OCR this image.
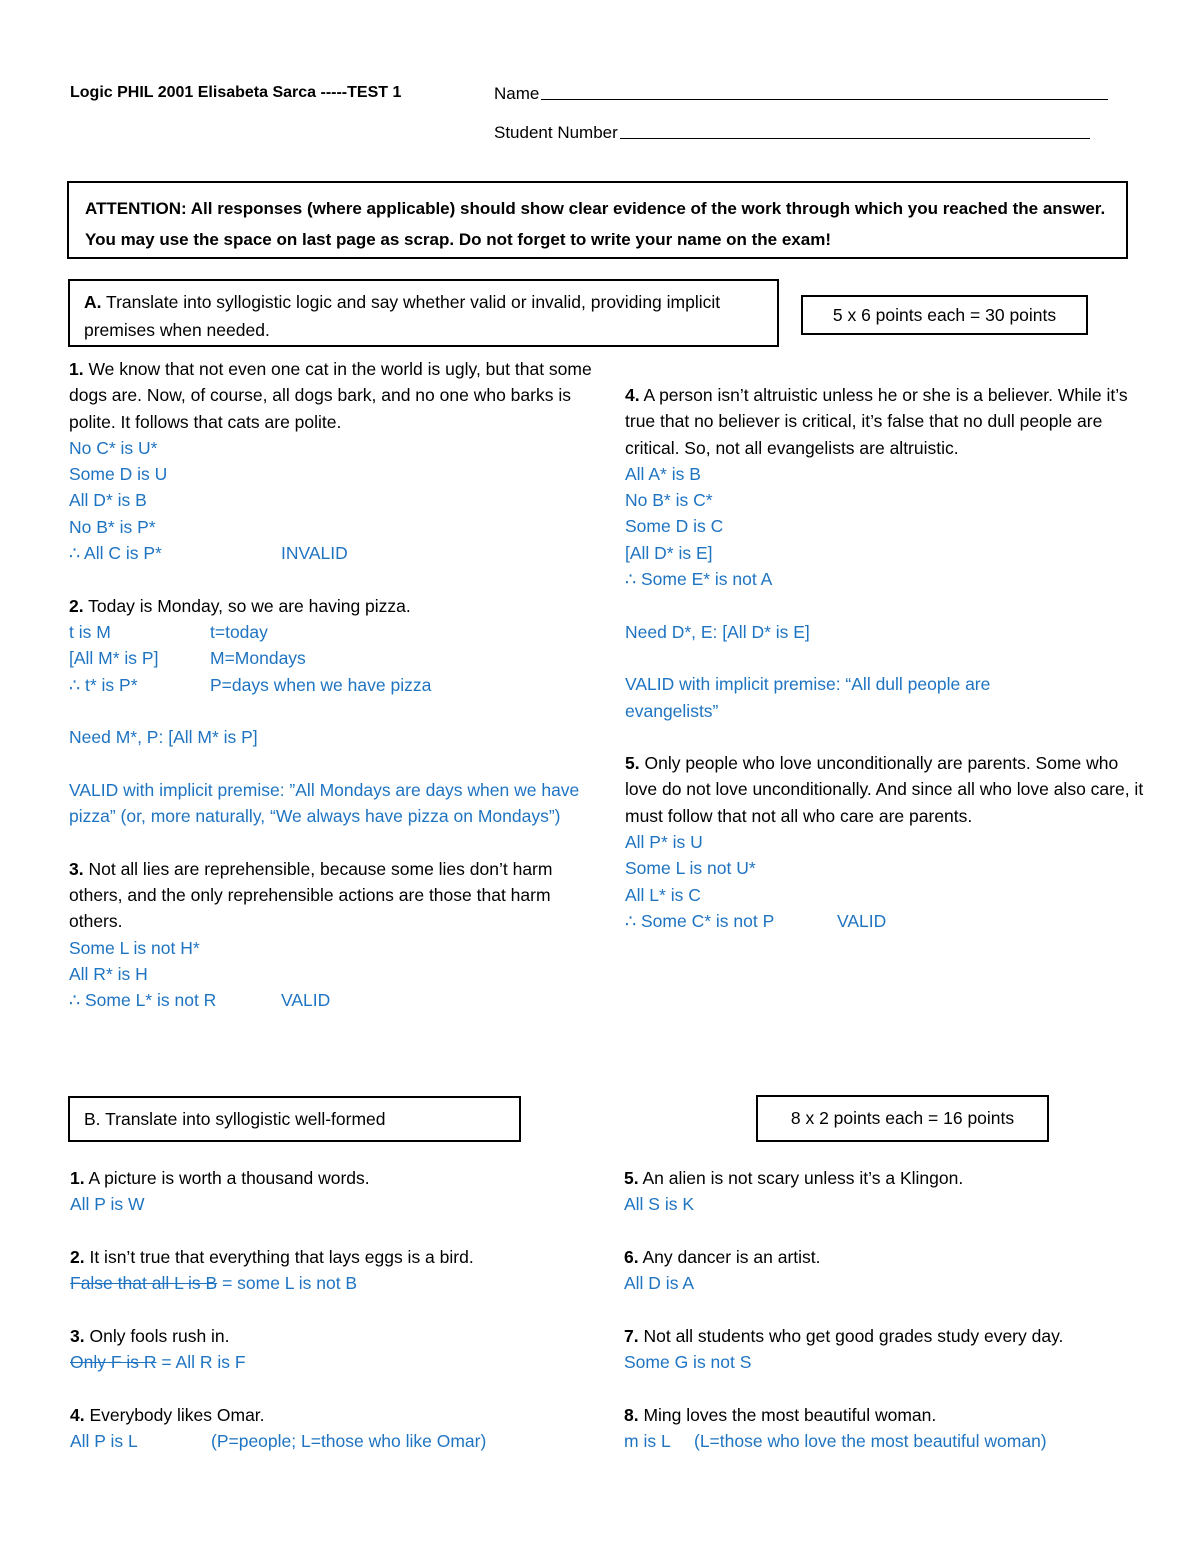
Logic PHIL 2001 Elisabeta Sarca -----TEST 1	Name
Student Number
ATTENTION: All responses (where applicable) should show clear evidence of the work through which you reached the answer. You may use the space on last page as scrap. Do not forget to write your name on the exam!
A. Translate into syllogistic logic and say whether valid or invalid, providing implicit premises when needed.
5 x 6 points each = 30 points

1. We know that not even one cat in the world is ugly, but that some dogs are. Now, of course, all dogs bark, and no one who barks is polite. It follows that cats are polite.

No C* is U*

Some D is U

All D* is B

No B* is P*

∴ All C is P*	INVALID

2. Today is Monday, so we are having pizza.

t is M	t=today

[All M* is P]	M=Mondays

∴ t* is P*	P=days when we have pizza

Need M*, P: [All M* is P]

VALID with implicit premise: ”All Mondays are days when we have pizza” (or, more naturally, “We always have pizza on Mondays”)

3. Not all lies are reprehensible, because some lies don’t harm others, and the only reprehensible actions are those that harm others.

Some L is not H*

All R* is H

∴ Some L* is not R	VALID

4. A person isn’t altruistic unless he or she is a believer. While it’s true that no believer is critical, it’s false that no dull people are critical. So, not all evangelists are altruistic.

All A* is B

No B* is C*

Some D is C

[All D* is E]

∴ Some E* is not A

Need D*, E: [All D* is E]

VALID with implicit premise: “All dull people are evangelists”

5. Only people who love unconditionally are parents. Some who love do not love unconditionally. And since all who love also care, it must follow that not all who care are parents.

All P* is U

Some L is not U*

All L* is C

∴ Some C* is not P	VALID

B. Translate into syllogistic well-formed	8 x 2 points each = 16 points

1. A picture is worth a thousand words.

All P is W

2. It isn’t true that everything that lays eggs is a bird.

False that all L is B = some L is not B

3. Only fools rush in.

Only F is R = All R is F

4. Everybody likes Omar.

All P is L	(P=people; L=those who like Omar)

5. An alien is not scary unless it’s a Klingon.

All S is K

6. Any dancer is an artist.

All D is A

7. Not all students who get good grades study every day.

Some G is not S

8. Ming loves the most beautiful woman.

m is L (L=those who love the most beautiful woman)
